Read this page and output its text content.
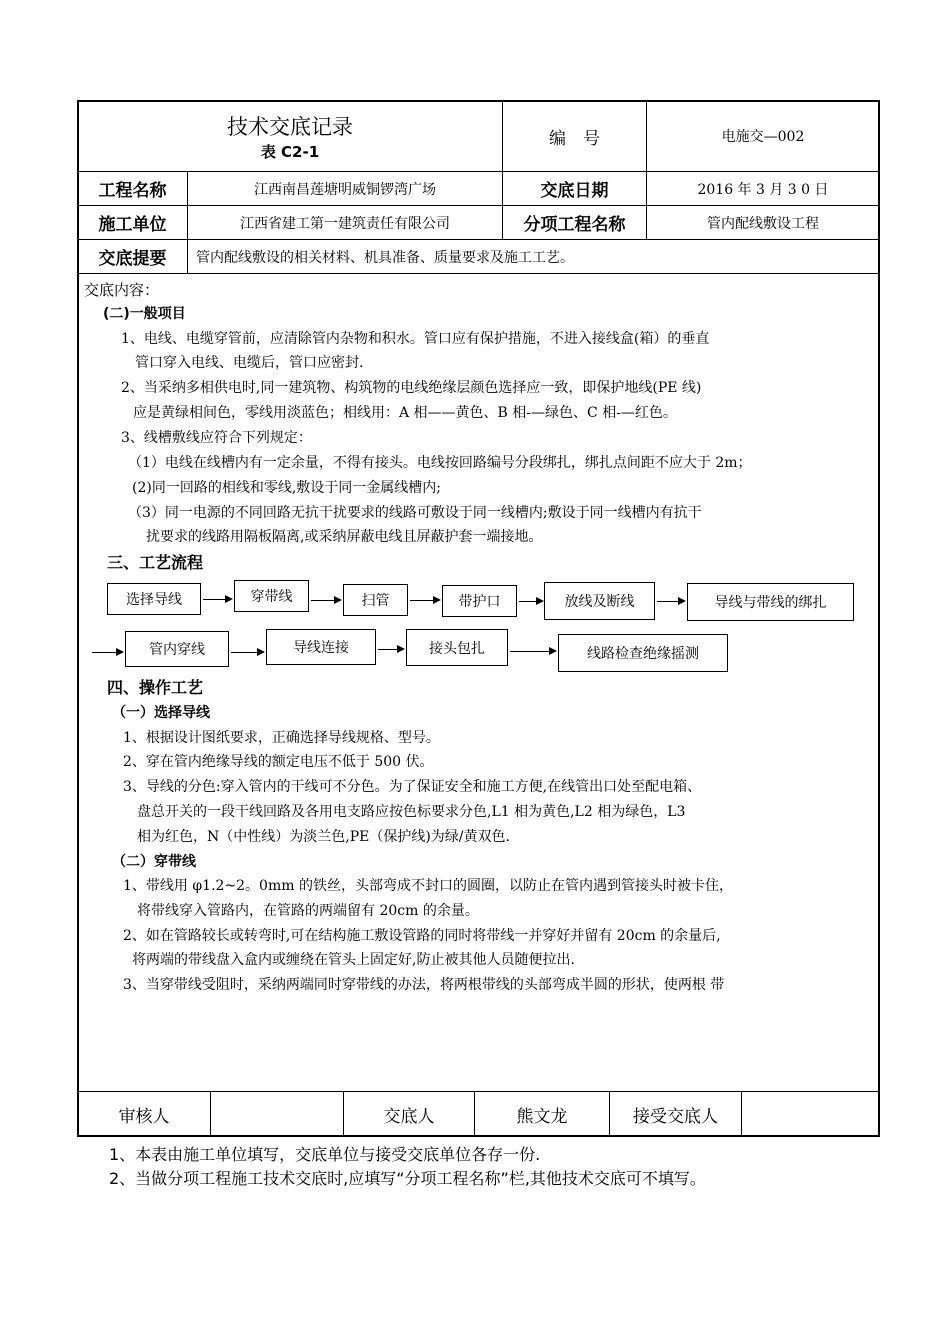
技术交底记录
表 C2-1
编　号	电施交—002
工程名称	江西南昌莲塘明威铜锣湾广场	交底日期	2016 年 3 月 3 0 日
施工单位	江西省建工第一建筑责任有限公司	分项工程名称	管内配线敷设工程
交底提要	管内配线敷设的相关材料、机具准备、质量要求及施工工艺。
交底内容：
(二)一般项目
1、电线、电缆穿管前，应清除管内杂物和积水。管口应有保护措施，不进入接线盒(箱）的垂直
管口穿入电线、电缆后，管口应密封.
2、当采纳多相供电时,同一建筑物、构筑物的电线绝缘层颜色选择应一致，即保护地线(PE 线)
应是黄绿相间色，零线用淡蓝色；相线用：A 相——黄色、B 相-—绿色、C 相-—红色。
3、线槽敷线应符合下列规定：
（1）电线在线槽内有一定余量，不得有接头。电线按回路编号分段绑扎，绑扎点间距不应大于 2m；
(2)同一回路的相线和零线,敷设于同一金属线槽内;
（3）同一电源的不同回路无抗干扰要求的线路可敷设于同一线槽内;敷设于同一线槽内有抗干
扰要求的线路用隔板隔离,或采纳屏蔽电线且屏蔽护套一端接地。
三、工艺流程
选择导线	穿带线	扫管	带护口	放线及断线	导线与带线的绑扎
管内穿线	导线连接	接头包扎	线路检查绝缘摇测
四、操作工艺
（一）选择导线
1、根据设计图纸要求，正确选择导线规格、型号。
2、穿在管内绝缘导线的额定电压不低于 500 伏。
3、导线的分色:穿入管内的干线可不分色。为了保证安全和施工方便,在线管出口处至配电箱、
盘总开关的一段干线回路及各用电支路应按色标要求分色,L1 相为黄色,L2 相为绿色，L3
相为红色，N（中性线）为淡兰色,PE（保护线)为绿/黄双色.
（二）穿带线
1、带线用 φ1.2~2。0mm 的铁丝，头部弯成不封口的圆圈，以防止在管内遇到管接头时被卡住，
将带线穿入管路内，在管路的两端留有 20cm 的余量。
2、如在管路较长或转弯时,可在结构施工敷设管路的同时将带线一并穿好并留有 20cm 的余量后,
将两端的带线盘入盒内或缠绕在管头上固定好,防止被其他人员随便拉出.
3、当穿带线受阻时，采纳两端同时穿带线的办法，将两根带线的头部弯成半圆的形状，使两根 带
审核人	交底人	熊文龙	接受交底人
1、本表由施工单位填写，交底单位与接受交底单位各存一份.
2、当做分项工程施工技术交底时,应填写“分项工程名称”栏,其他技术交底可不填写。
